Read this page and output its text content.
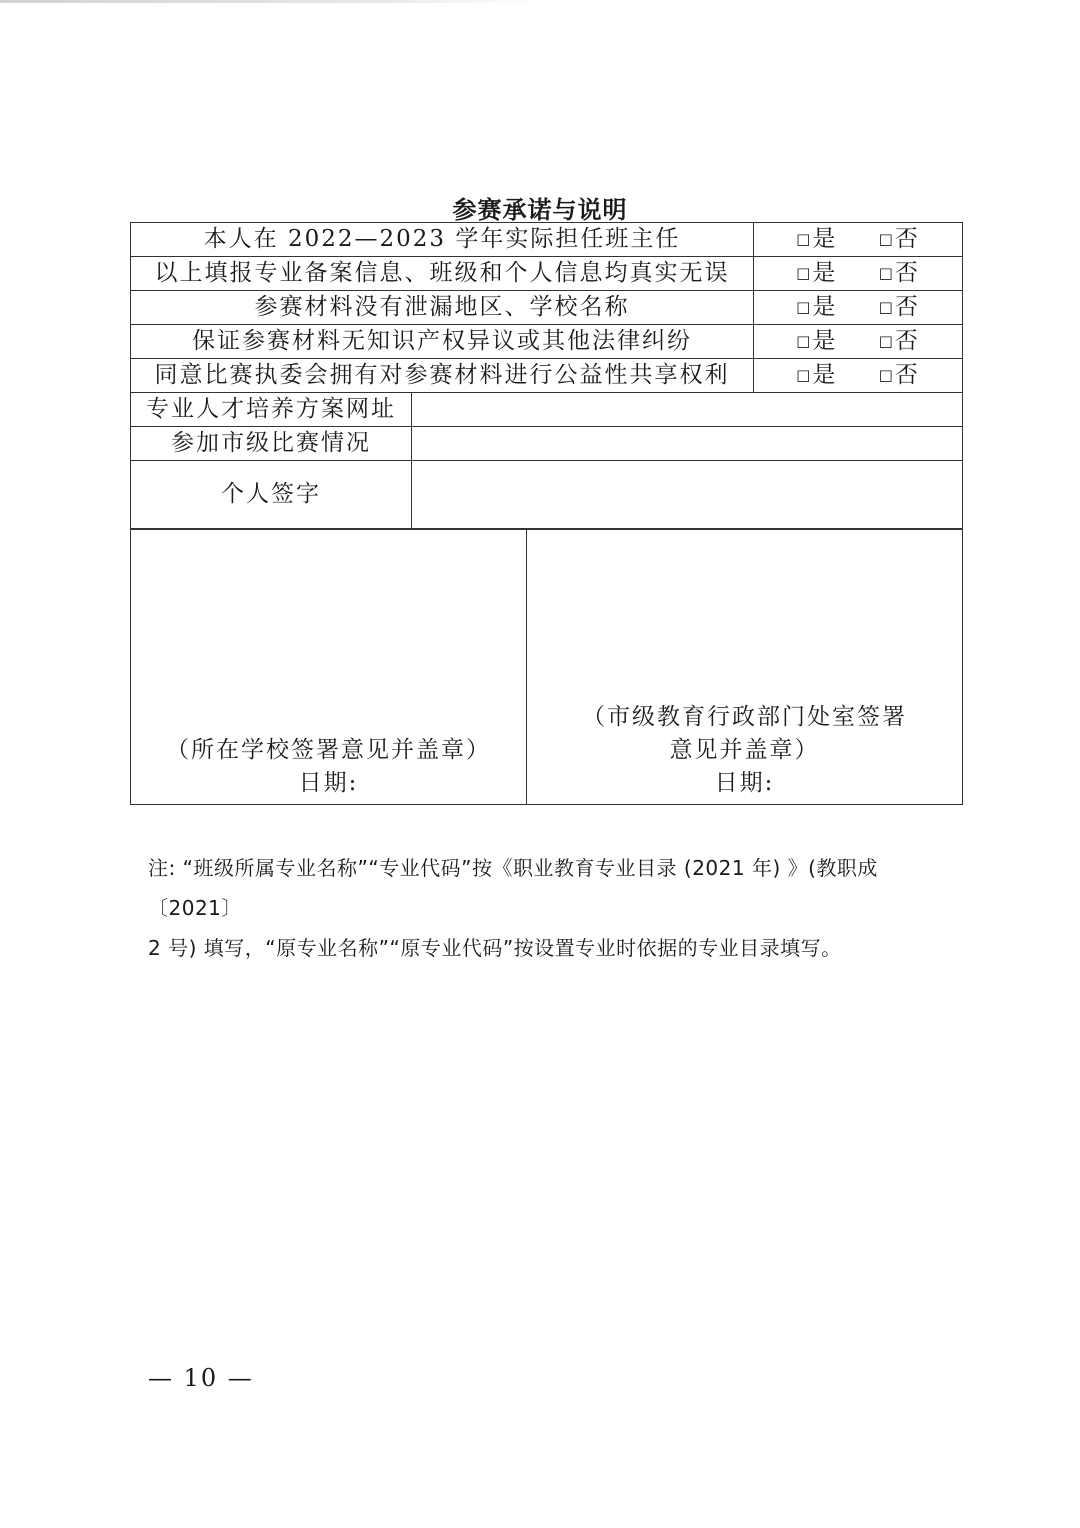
参赛承诺与说明
本人在 2022—2023 学年实际担任班主任		□是 □否
以上填报专业备案信息、班级和个人信息均真实无误		□是 □否
参赛材料没有泄漏地区、学校名称		□是 □否
保证参赛材料无知识产权异议或其他法律纠纷		□是 □否
同意比赛执委会拥有对参赛材料进行公益性共享权利		□是 □否
专业人才培养方案网址		
参加市级比赛情况		
个人签字		
（所在学校签署意见并盖章）
日期:

（市级教育行政部门处室签署
意见并盖章）
日期:
注: “班级所属专业名称”“专业代码”按《职业教育专业目录 (2021 年) 》(教职成〔2021〕
2 号) 填写，“原专业名称”“原专业代码”按设置专业时依据的专业目录填写。
— 10 —
